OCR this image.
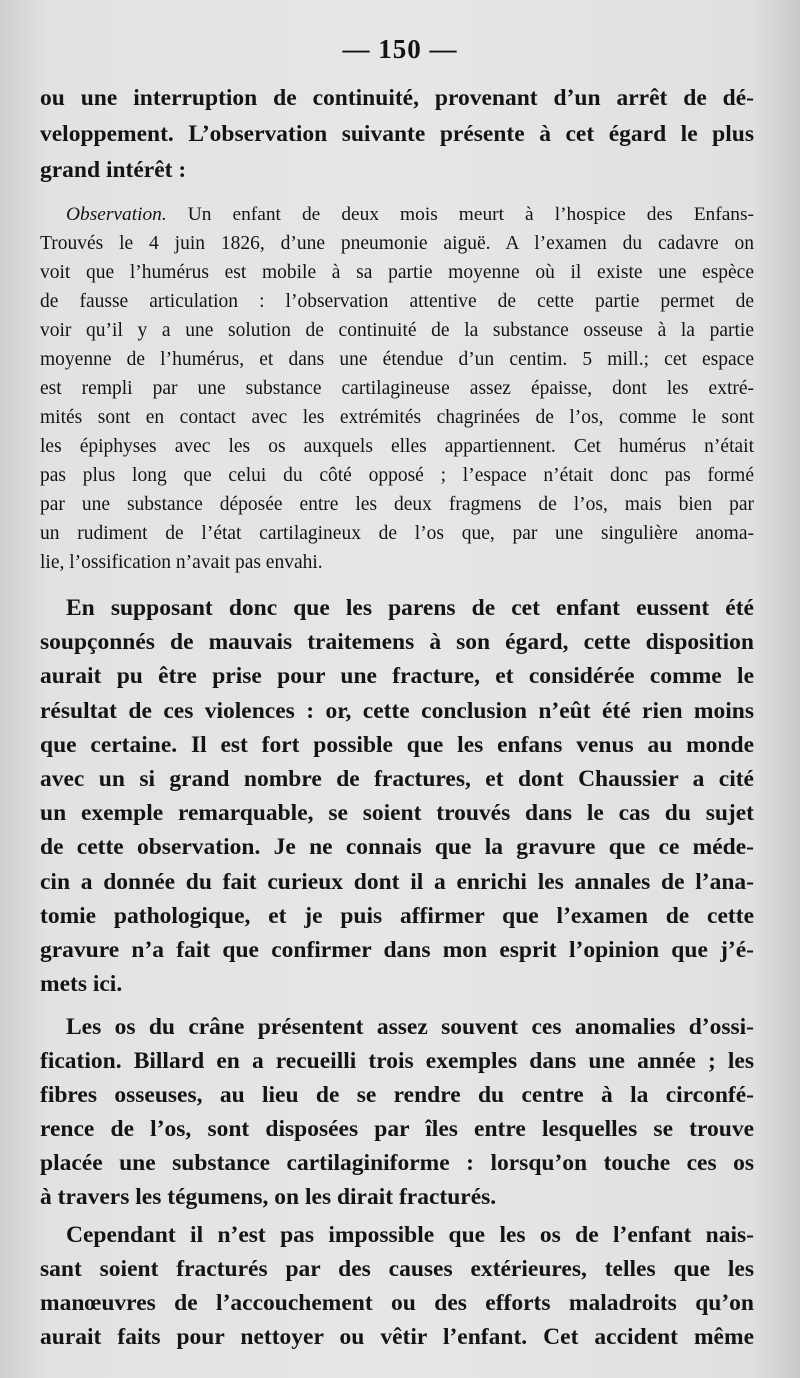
— 150 —
ou une interruption de continuité, provenant d’un arrêt de dé-
veloppement. L’observation suivante présente à cet égard le plus
grand intérêt :
Observation. Un enfant de deux mois meurt à l’hospice des Enfans-
Trouvés le 4 juin 1826, d’une pneumonie aiguë. A l’examen du cadavre on
voit que l’humérus est mobile à sa partie moyenne où il existe une espèce
de fausse articulation : l’observation attentive de cette partie permet de
voir qu’il y a une solution de continuité de la substance osseuse à la partie
moyenne de l’humérus, et dans une étendue d’un centim. 5 mill.; cet espace
est rempli par une substance cartilagineuse assez épaisse, dont les extré-
mités sont en contact avec les extrémités chagrinées de l’os, comme le sont
les épiphyses avec les os auxquels elles appartiennent. Cet humérus n’était
pas plus long que celui du côté opposé ; l’espace n’était donc pas formé
par une substance déposée entre les deux fragmens de l’os, mais bien par
un rudiment de l’état cartilagineux de l’os que, par une singulière anoma-
lie, l’ossification n’avait pas envahi.
En supposant donc que les parens de cet enfant eussent été
soupçonnés de mauvais traitemens à son égard, cette disposition
aurait pu être prise pour une fracture, et considérée comme le
résultat de ces violences : or, cette conclusion n’eût été rien moins
que certaine. Il est fort possible que les enfans venus au monde
avec un si grand nombre de fractures, et dont Chaussier a cité
un exemple remarquable, se soient trouvés dans le cas du sujet
de cette observation. Je ne connais que la gravure que ce méde-
cin a donnée du fait curieux dont il a enrichi les annales de l’ana-
tomie pathologique, et je puis affirmer que l’examen de cette
gravure n’a fait que confirmer dans mon esprit l’opinion que j’é-
mets ici.
Les os du crâne présentent assez souvent ces anomalies d’ossi-
fication. Billard en a recueilli trois exemples dans une année ; les
fibres osseuses, au lieu de se rendre du centre à la circonfé-
rence de l’os, sont disposées par îles entre lesquelles se trouve
placée une substance cartilaginiforme : lorsqu’on touche ces os
à travers les tégumens, on les dirait fracturés.
Cependant il n’est pas impossible que les os de l’enfant nais-
sant soient fracturés par des causes extérieures, telles que les
manœuvres de l’accouchement ou des efforts maladroits qu’on
aurait faits pour nettoyer ou vêtir l’enfant. Cet accident même
